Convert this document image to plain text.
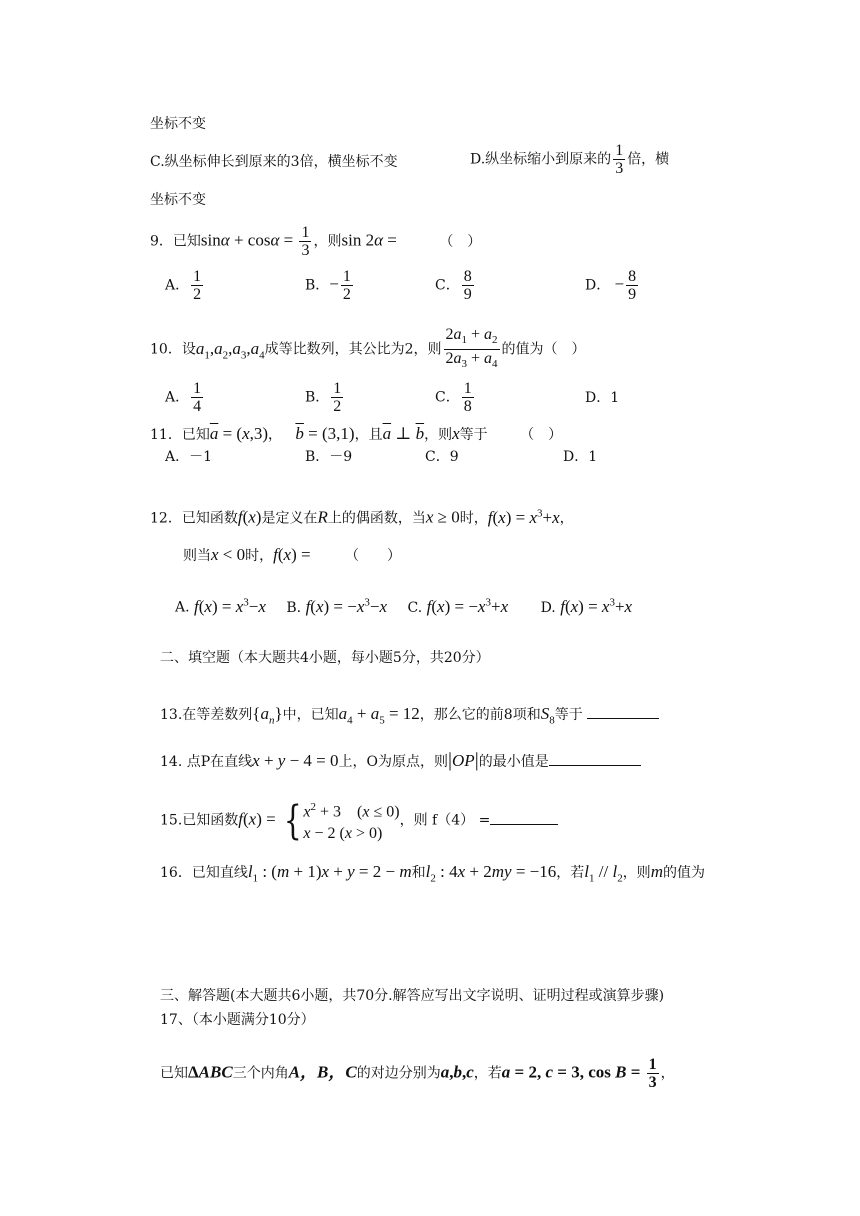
坐标不变
C.纵坐标伸长到原来的3倍，横坐标不变	D.纵坐标缩小到原来的 $\frac{1}{3}$ 倍，横
坐标不变
9．已知$\sin\alpha + \cos\alpha = \frac{1}{3}$ ，则sin 2α =	（　）
A． $\frac{1}{2}$	B．− $\frac{1}{2}$	C． $\frac{8}{9}$	D． − $\frac{8}{9}$
10．设$a_1,a_2,a_3,a_4$成等比数列，其公比为2，则 $\frac{2a_1 + a_2}{2a_3 + a_4}$ 的值为（　）
A． $\frac{1}{4}$	B． $\frac{1}{2}$	C． $\frac{1}{8}$	D．1
11．已知$\overline{a} = (x,3)$， $\overline{b} = (3,1)$，且$\overline{a}$ ⊥ $\overline{b}$，则x等于 （　）
A．－1	B．－9	C．9	D．1
12．已知函数f(x)是定义在R上的偶函数，当x ≥ 0时，$f(x) = x^3+x$，
则当x < 0时，f(x) = （　　）
A. $f(x) = x^3-x$ B. $f(x) = -x^3-x$ C. $f(x) = -x^3+x$ D. $f(x) = x^3+x$
二、填空题（本大题共4小题，每小题5分，共20分）
13.在等差数列$\{a_n\}$中，已知$a_4 + a_5 = 12$，那么它的前8项和$S_8$等于
14. 点P在直线x + y − 4 = 0上，O为原点，则|OP|的最小值是
15.已知函数f(x) = { $x^2 + 3$    (x ≤ 0)
x − 2 (x > 0)
，则 f（4） =
16．已知直线$l_1$ : (m + 1)x + y = 2 − m和$l_2$ : 4x + 2my = −16，若$l_1 // l_2$，则m的值为
三、解答题(本大题共6小题，共70分.解答应写出文字说明、证明过程或演算步骤)
17、（本小题满分10分）
已知ΔABC三个内角A，B，C的对边分别为a,b,c，若a = 2, c = 3, $\cos B = \frac{1}{3}$ ，
